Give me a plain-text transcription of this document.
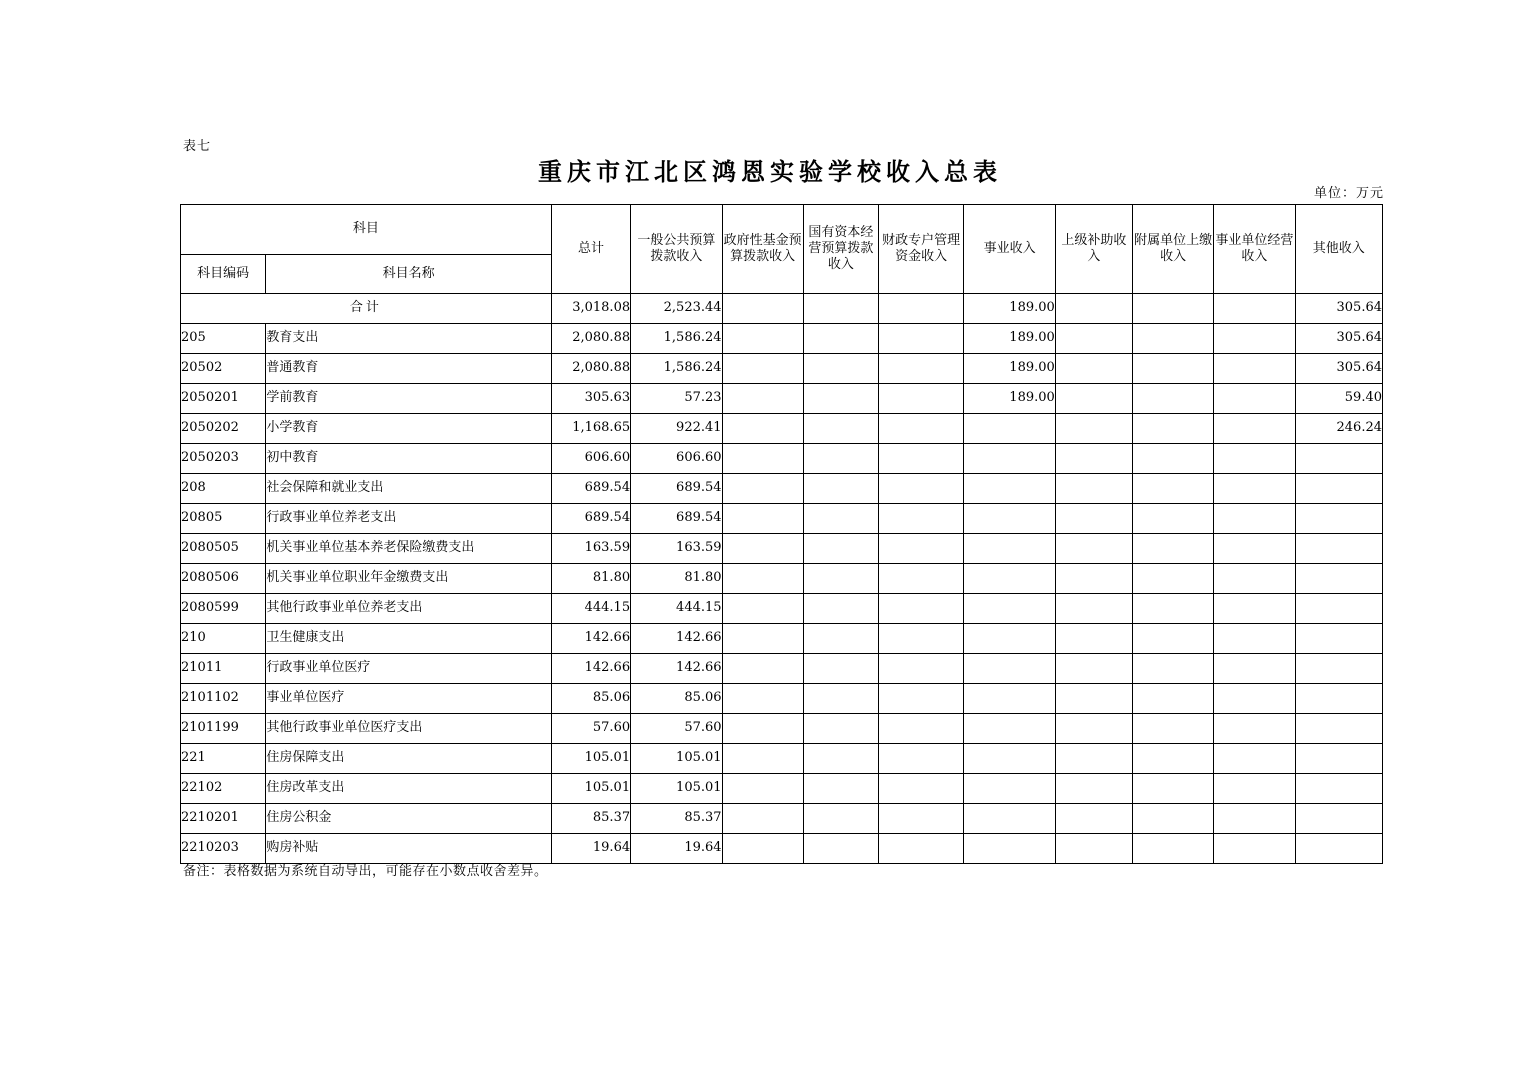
表七
重庆市江北区鸿恩实验学校收入总表
单位：万元
科目		总计	一般公共预算拨款收入	政府性基金预算拨款收入	国有资本经营预算拨款收入	财政专户管理资金收入	事业收入	上级补助收入	附属单位上缴收入	事业单位经营收入	其他收入
科目编码	科目名称										
合计		3,018.08	2,523.44				189.00				305.64
205	教育支出	2,080.88	1,586.24				189.00				305.64
20502	普通教育	2,080.88	1,586.24				189.00				305.64
2050201	学前教育	305.63	57.23				189.00				59.40
2050202	小学教育	1,168.65	922.41								246.24
2050203	初中教育	606.60	606.60								
208	社会保障和就业支出	689.54	689.54								
20805	行政事业单位养老支出	689.54	689.54								
2080505	机关事业单位基本养老保险缴费支出	163.59	163.59								
2080506	机关事业单位职业年金缴费支出	81.80	81.80								
2080599	其他行政事业单位养老支出	444.15	444.15								
210	卫生健康支出	142.66	142.66								
21011	行政事业单位医疗	142.66	142.66								
2101102	事业单位医疗	85.06	85.06								
2101199	其他行政事业单位医疗支出	57.60	57.60								
221	住房保障支出	105.01	105.01								
22102	住房改革支出	105.01	105.01								
2210201	住房公积金	85.37	85.37								
2210203	购房补贴	19.64	19.64								
备注：表格数据为系统自动导出，可能存在小数点收舍差异。
